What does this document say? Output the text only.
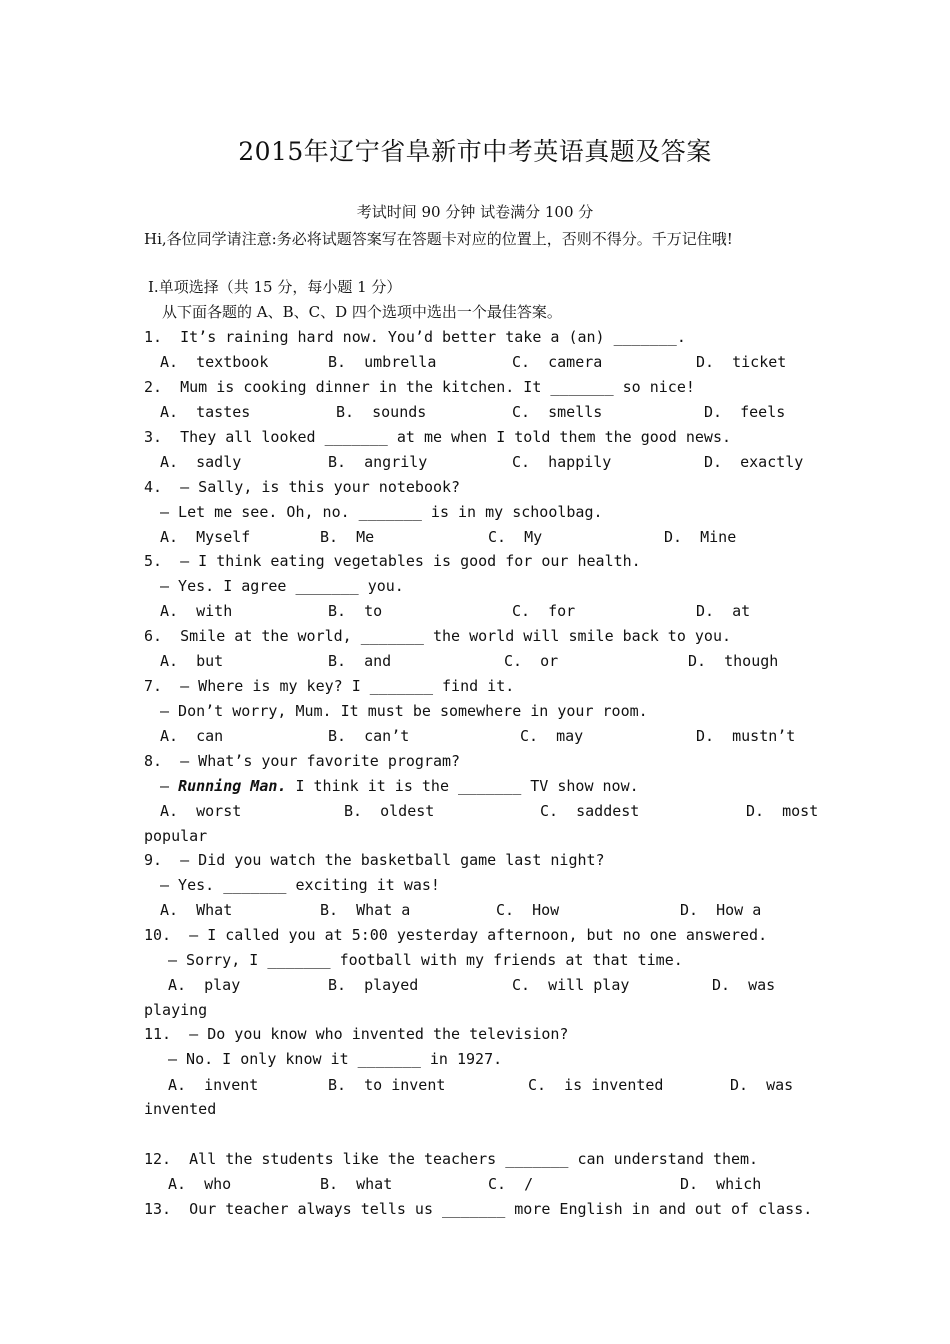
2015年辽宁省阜新市中考英语真题及答案
考试时间 90 分钟 试卷满分 100 分
Hi,各位同学请注意:务必将试题答案写在答题卡对应的位置上，否则不得分。千万记住哦!
Ⅰ.单项选择（共 15 分，每小题 1 分）
从下面各题的 A、B、C、D 四个选项中选出一个最佳答案。
1.  It’s raining hard now. You’d better take a (an) _______.
A.  textbook	B.  umbrella	C.  camera	D.  ticket
2.  Mum is cooking dinner in the kitchen. It _______ so nice!
A.  tastes	B.  sounds	C.  smells	D.  feels
3.  They all looked _______ at me when I told them the good news.
A.  sadly	B.  angrily	C.  happily	D.  exactly
4.  — Sally, is this your notebook?
— Let me see. Oh, no. _______ is in my schoolbag.
A.  Myself	B.  Me	C.  My	D.  Mine
5.  — I think eating vegetables is good for our health.
— Yes. I agree _______ you.
A.  with	B.  to	C.  for	D.  at
6.  Smile at the world, _______ the world will smile back to you.
A.  but	B.  and	C.  or	D.  though
7.  — Where is my key? I _______ find it.
— Don’t worry, Mum. It must be somewhere in your room.
A.  can	B.  can’t	C.  may	D.  mustn’t
8.  — What’s your favorite program?
— Running Man. I think it is the _______ TV show now.
A.  worst	B.  oldest	C.  saddest	D.  most
popular
9.  — Did you watch the basketball game last night?
— Yes. _______ exciting it was!
A.  What	B.  What a	C.  How	D.  How a
10.  — I called you at 5:00 yesterday afternoon, but no one answered.
— Sorry, I _______ football with my friends at that time.
A.  play	B.  played	C.  will play	D.  was
playing
11.  — Do you know who invented the television?
— No. I only know it _______ in 1927.
A.  invent	B.  to invent	C.  is invented	D.  was
invented
12.  All the students like the teachers _______ can understand them.
A.  who	B.  what	C.  /	D.  which
13.  Our teacher always tells us _______ more English in and out of class.
